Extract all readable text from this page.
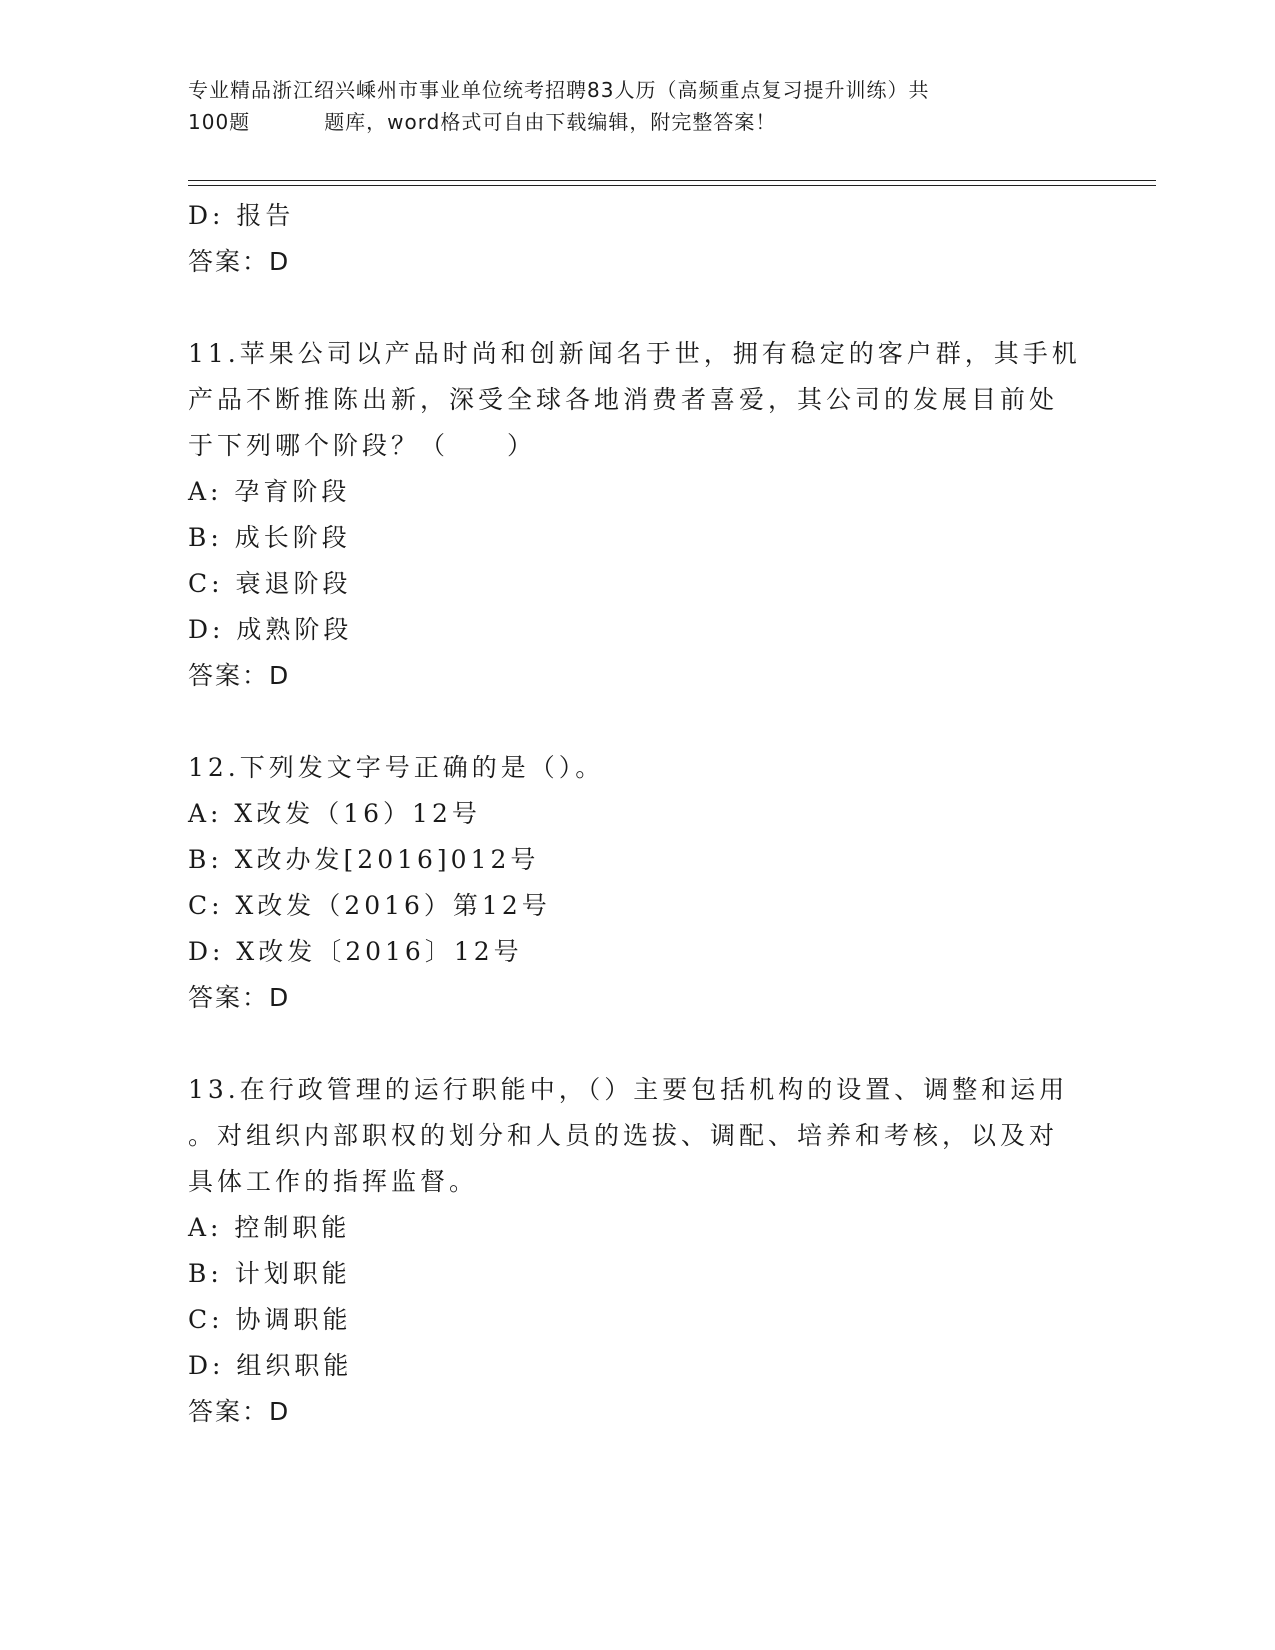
专业精品浙江绍兴嵊州市事业单位统考招聘83人历（高频重点复习提升训练）共
100题	题库，word格式可自由下载编辑，附完整答案！
D: 报告
答案：D
11.苹果公司以产品时尚和创新闻名于世，拥有稳定的客户群，其手机
产品不断推陈出新，深受全球各地消费者喜爱，其公司的发展目前处
于下列哪个阶段？（　　）
A: 孕育阶段
B: 成长阶段
C: 衰退阶段
D: 成熟阶段
答案：D
12.下列发文字号正确的是（）。
A: X改发（16）12号
B: X改办发[2016]012号
C: X改发（2016）第12号
D: X改发〔2016〕12号
答案：D
13.在行政管理的运行职能中，（）主要包括机构的设置、调整和运用
。对组织内部职权的划分和人员的选拔、调配、培养和考核，以及对
具体工作的指挥监督。
A: 控制职能
B: 计划职能
C: 协调职能
D: 组织职能
答案：D
